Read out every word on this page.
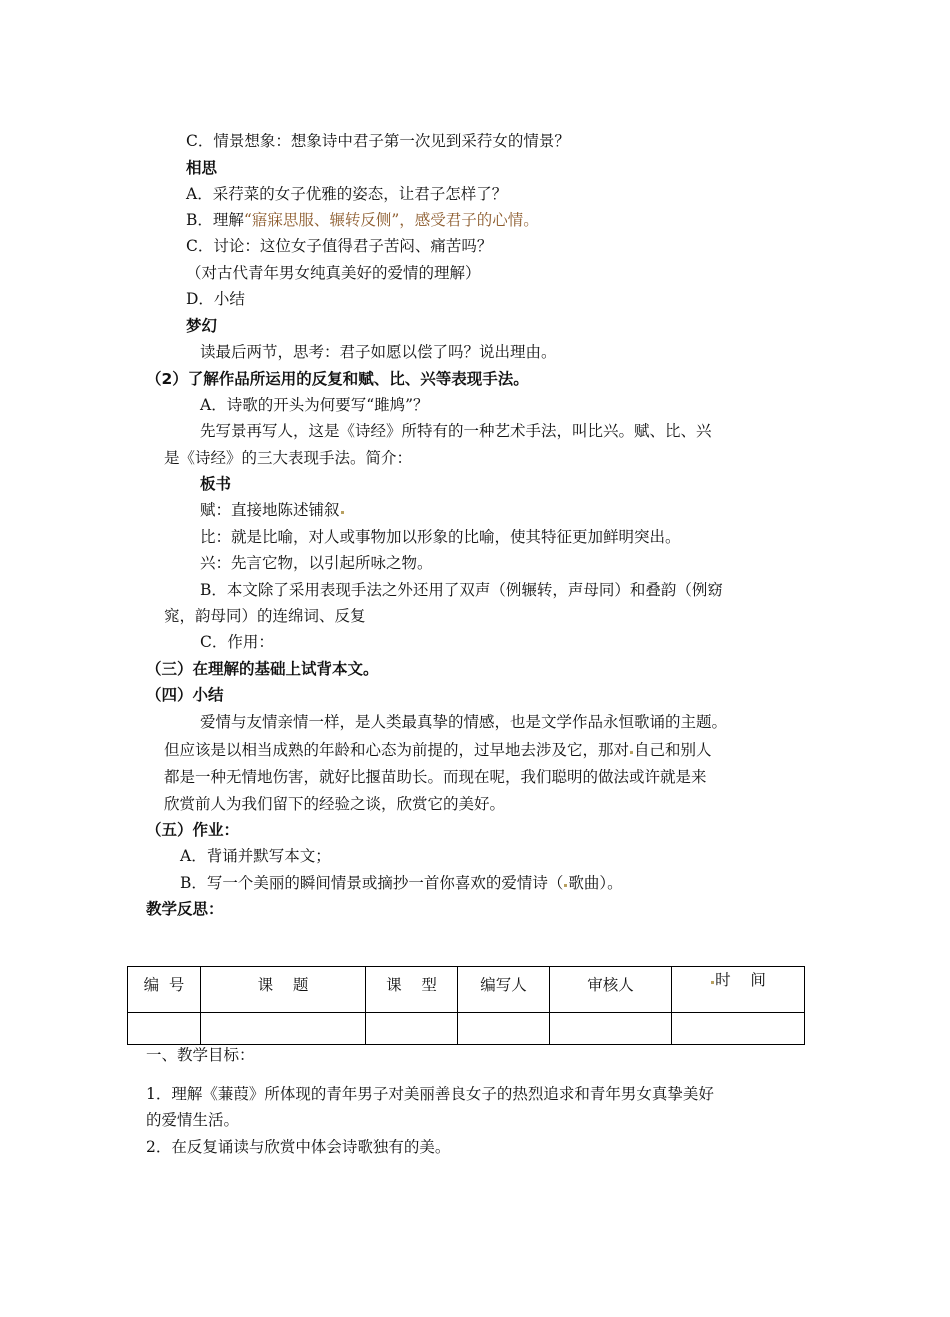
C．情景想象：想象诗中君子第一次见到采荇女的情景？
相思
A．采荇菜的女子优雅的姿态，让君子怎样了？
B．理解“寤寐思服、辗转反侧”，感受君子的心情。
C．讨论：这位女子值得君子苦闷、痛苦吗？
（对古代青年男女纯真美好的爱情的理解）
D．小结
梦幻
读最后两节，思考：君子如愿以偿了吗？说出理由。
（2）了解作品所运用的反复和赋、比、兴等表现手法。
A．诗歌的开头为何要写“雎鸠”？
先写景再写人，这是《诗经》所特有的一种艺术手法，叫比兴。赋、比、兴
是《诗经》的三大表现手法。简介：
板书
赋：直接地陈述铺叙
比：就是比喻，对人或事物加以形象的比喻，使其特征更加鲜明突出。
兴：先言它物，以引起所咏之物。
B．本文除了采用表现手法之外还用了双声（例辗转，声母同）和叠韵（例窈
窕，韵母同）的连绵词、反复
C．作用：
（三）在理解的基础上试背本文。
（四）小结
爱情与友情亲情一样，是人类最真挚的情感，也是文学作品永恒歌诵的主题。
但应该是以相当成熟的年龄和心态为前提的，过早地去涉及它，那对 自己和别人
都是一种无情地伤害，就好比揠苗助长。而现在呢，我们聪明的做法或许就是来
欣赏前人为我们留下的经验之谈，欣赏它的美好。
（五）作业：
A．背诵并默写本文；
B．写一个美丽的瞬间情景或摘抄一首你喜欢的爱情诗（ 歌曲）。
教学反思：
编  号	课    题	课    型	编写人	审核人	时    间

一、教学目标：
1．理解《蒹葭》所体现的青年男子对美丽善良女子的热烈追求和青年男女真挚美好
的爱情生活。
2．在反复诵读与欣赏中体会诗歌独有的美。
